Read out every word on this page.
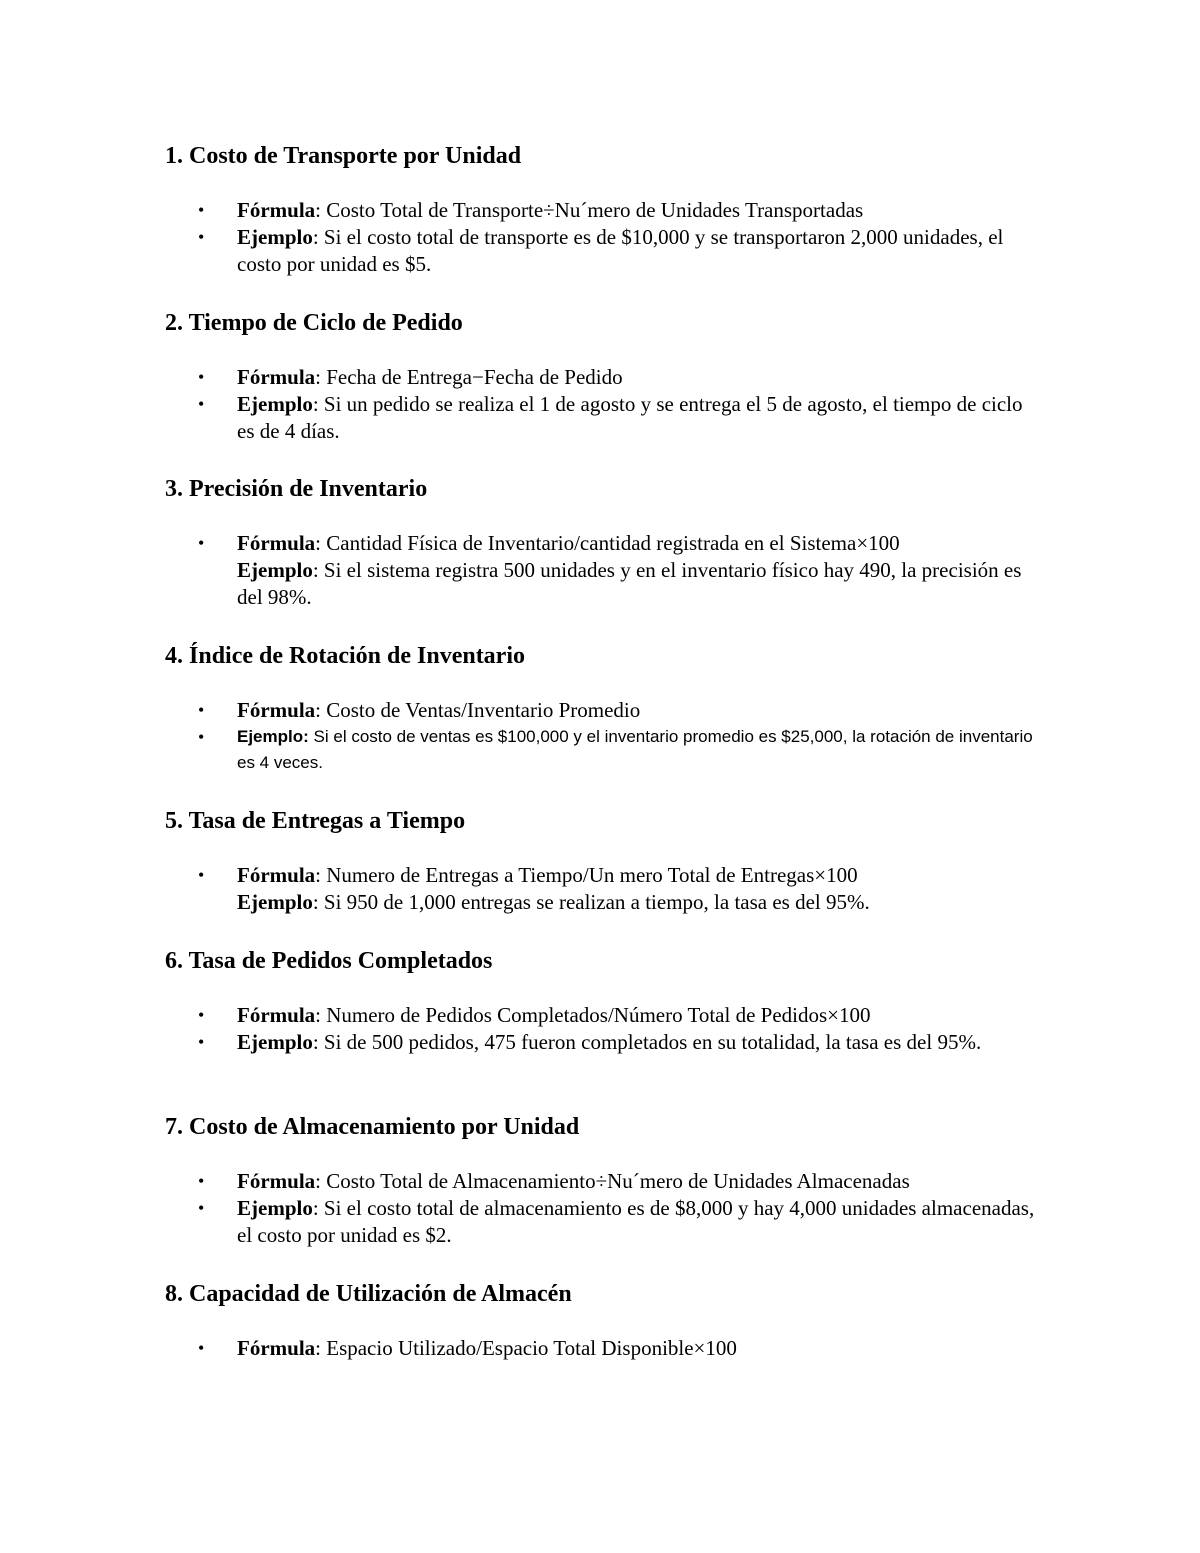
1. Costo de Transporte por Unidad
• Fórmula: Costo Total de Transporte÷Nu´mero de Unidades Transportadas
• Ejemplo: Si el costo total de transporte es de $10,000 y se transportaron 2,000 unidades, el costo por unidad es $5.
2. Tiempo de Ciclo de Pedido
• Fórmula: Fecha de Entrega−Fecha de Pedido
• Ejemplo: Si un pedido se realiza el 1 de agosto y se entrega el 5 de agosto, el tiempo de ciclo es de 4 días.
3. Precisión de Inventario
• Fórmula: Cantidad Física de Inventario/cantidad registrada en el Sistema×100
Ejemplo: Si el sistema registra 500 unidades y en el inventario físico hay 490, la precisión es del 98%.
4. Índice de Rotación de Inventario
• Fórmula: Costo de Ventas/Inventario Promedio
•	Ejemplo: Si el costo de ventas es $100,000 y el inventario promedio es $25,000, la rotación de inventario es 4 veces.
5. Tasa de Entregas a Tiempo
• Fórmula: Numero de Entregas a Tiempo/Un mero Total de Entregas×100
Ejemplo: Si 950 de 1,000 entregas se realizan a tiempo, la tasa es del 95%.
6. Tasa de Pedidos Completados
• Fórmula: Numero de Pedidos Completados/Número Total de Pedidos×100
• Ejemplo: Si de 500 pedidos, 475 fueron completados en su totalidad, la tasa es del 95%.
7. Costo de Almacenamiento por Unidad
• Fórmula: Costo Total de Almacenamiento÷Nu´mero de Unidades Almacenadas
• Ejemplo: Si el costo total de almacenamiento es de $8,000 y hay 4,000 unidades almacenadas, el costo por unidad es $2.
8. Capacidad de Utilización de Almacén
• Fórmula: Espacio Utilizado/Espacio Total Disponible×100
